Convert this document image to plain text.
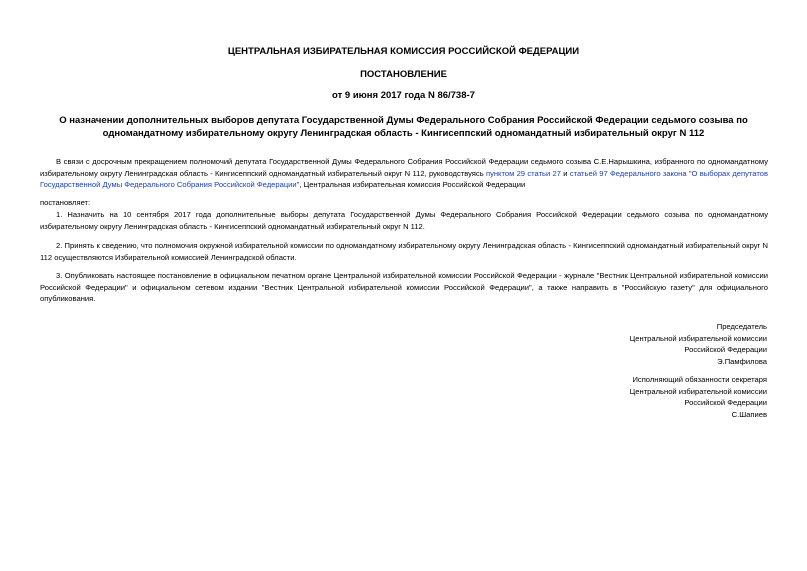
ЦЕНТРАЛЬНАЯ ИЗБИРАТЕЛЬНАЯ КОМИССИЯ РОССИЙСКОЙ ФЕДЕРАЦИИ

ПОСТАНОВЛЕНИЕ

от 9 июня 2017 года N 86/738-7

О назначении дополнительных выборов депутата Государственной Думы Федерального Собрания Российской Федерации седьмого созыва по одномандатному избирательному округу Ленинградская область - Кингисеппский одномандатный избирательный округ N 112

В связи с досрочным прекращением полномочий депутата Государственной Думы Федерального Собрания Российской Федерации седьмого созыва С.Е.Нарышкина, избранного по одномандатному избирательному округу Ленинградская область - Кингисеппский одномандатный избирательный округ N 112, руководствуясь пунктом 29 статьи 27 и статьей 97 Федерального закона "О выборах депутатов Государственной Думы Федерального Собрания Российской Федерации", Центральная избирательная комиссия Российской Федерации

постановляет:

1. Назначить на 10 сентября 2017 года дополнительные выборы депутата Государственной Думы Федерального Собрания Российской Федерации седьмого созыва по одномандатному избирательному округу Ленинградская область - Кингисеппский одномандатный избирательный округ N 112.

2. Принять к сведению, что полномочия окружной избирательной комиссии по одномандатному избирательному округу Ленинградская область - Кингисеппский одномандатный избирательный округ N 112 осуществляются Избирательной комиссией Ленинградской области.

3. Опубликовать настоящее постановление в официальном печатном органе Центральной избирательной комиссии Российской Федерации - журнале "Вестник Центральной избирательной комиссии Российской Федерации" и официальном сетевом издании "Вестник Центральной избирательной комиссии Российской Федерации", а также направить в "Российскую газету" для официального опубликования.

Председатель
Центральной избирательной комиссии
Российской Федерации
Э.Памфилова
Исполняющий обязанности секретаря
Центральной избирательной комиссии
Российской Федерации
С.Шапиев
